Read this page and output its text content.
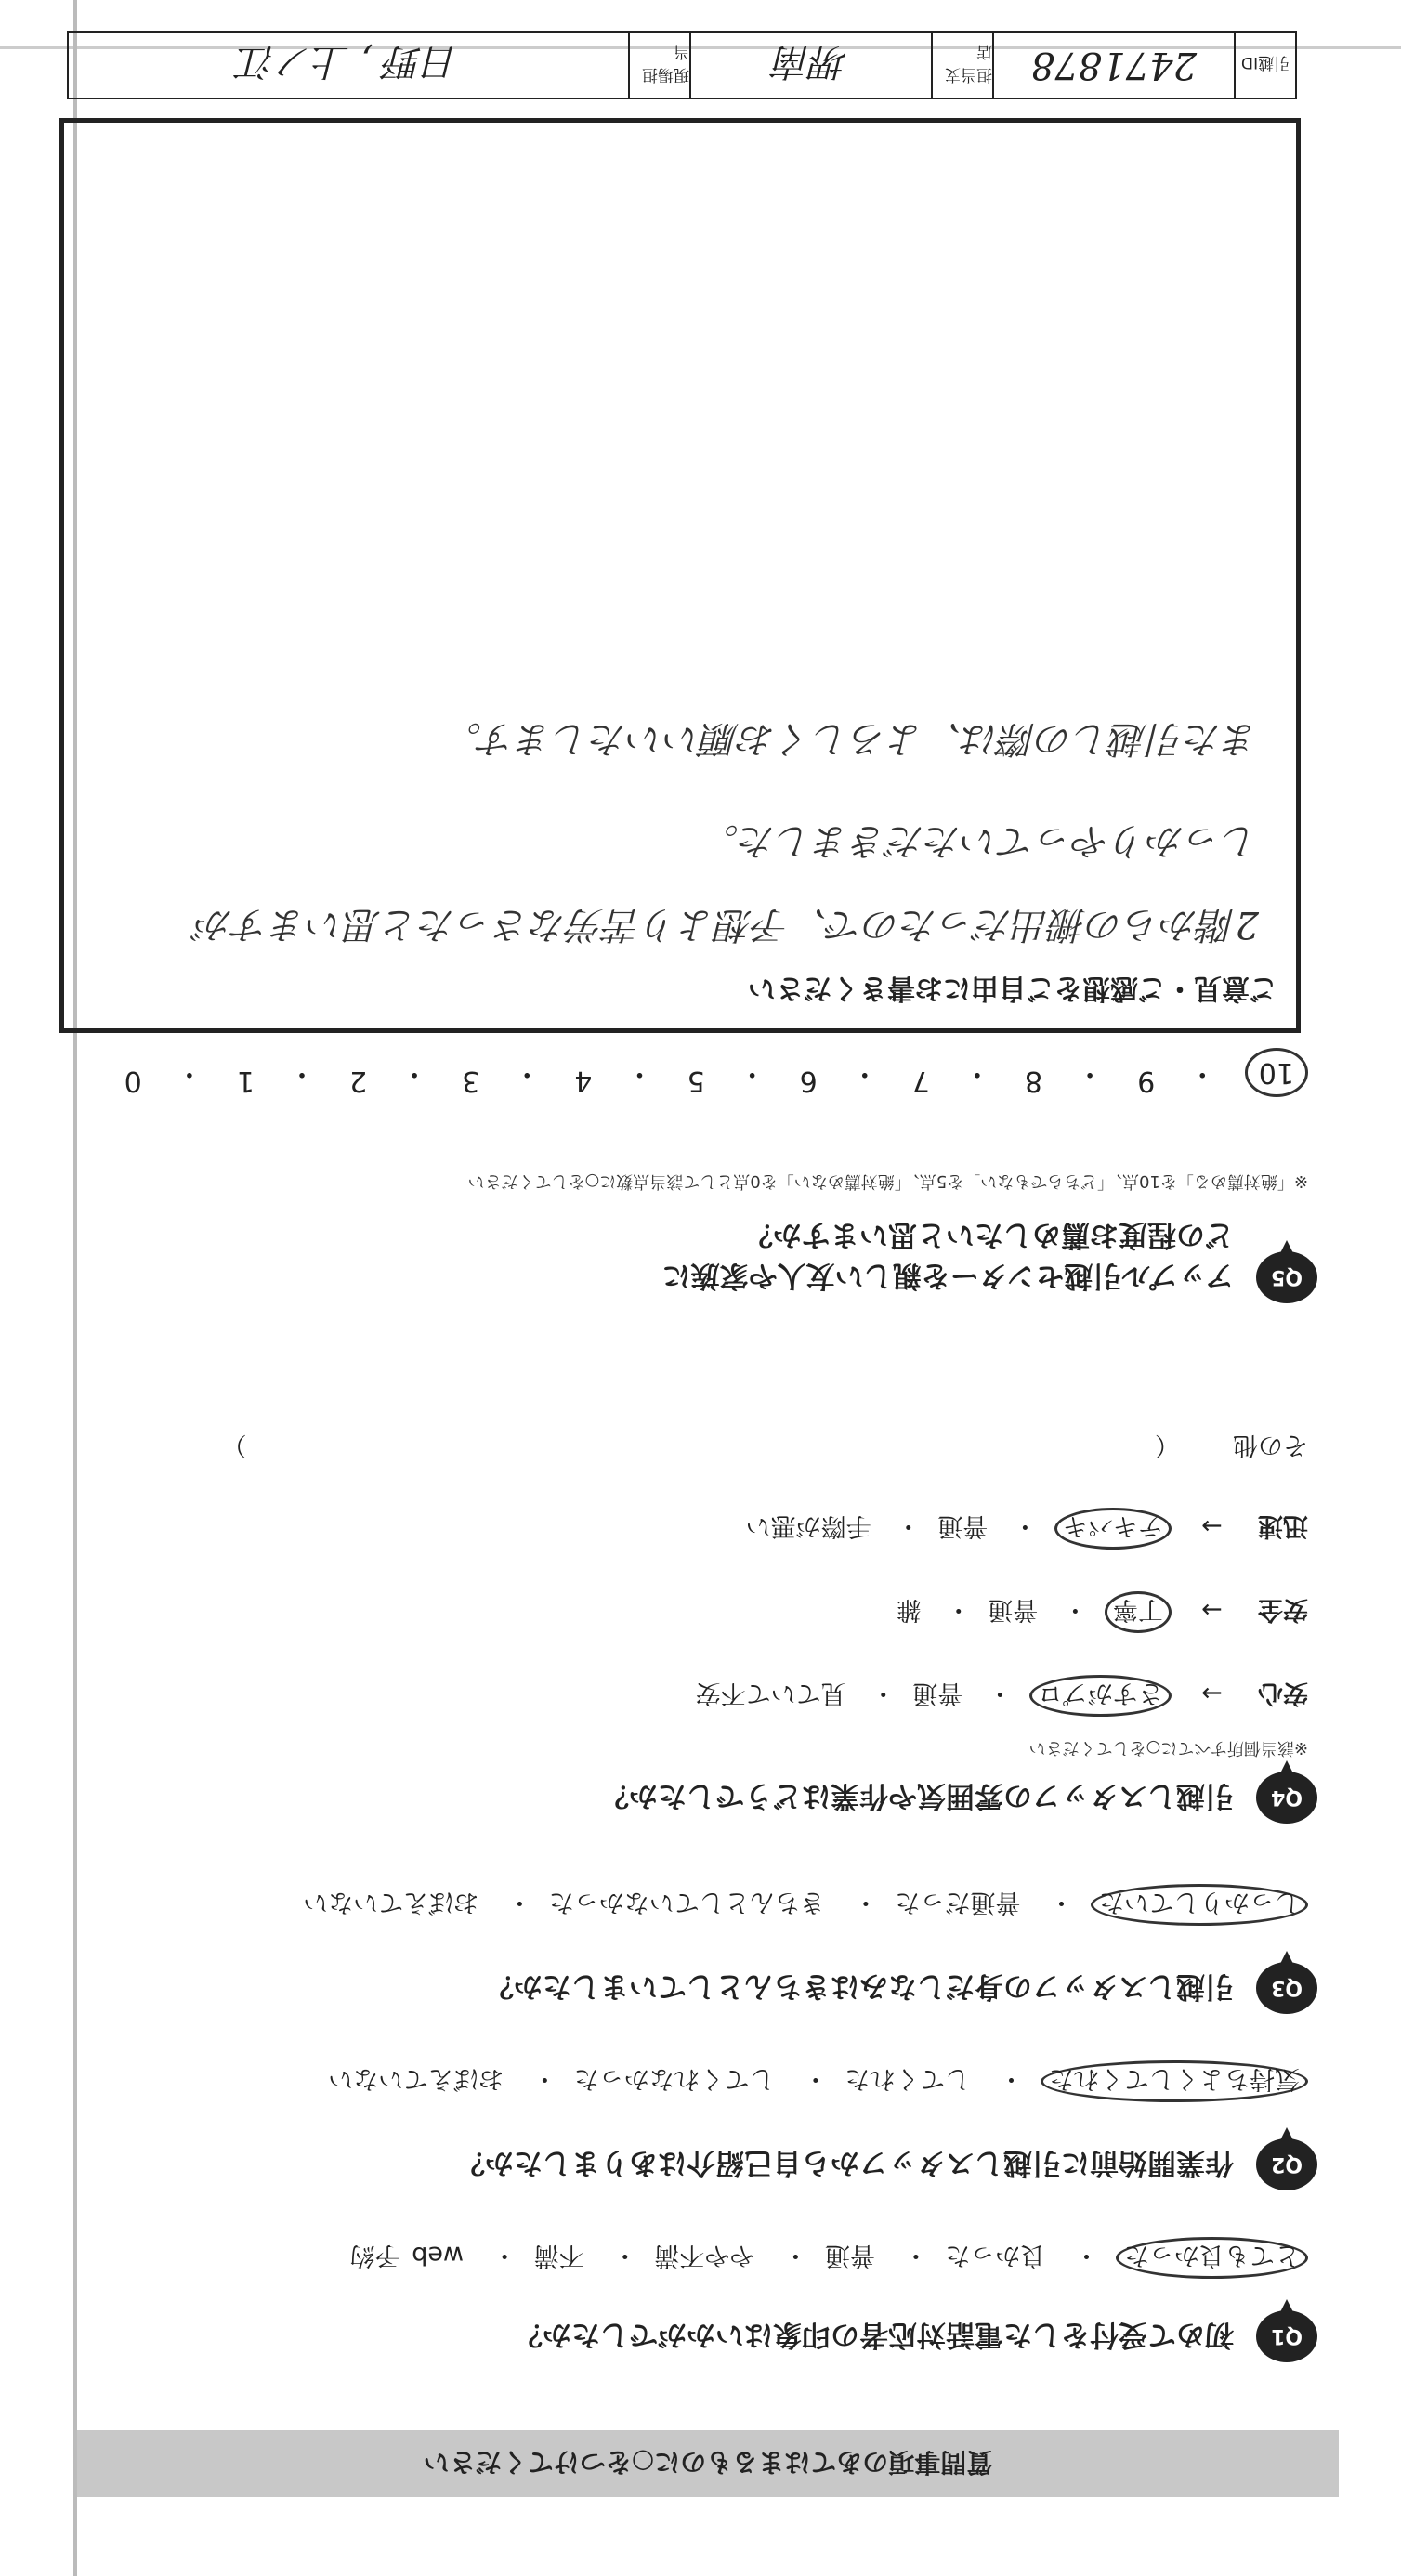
引越ID
2471878
担当支店
堺南
現場担当
日野 , 上ノ江
ご意見・ご感想をご自由にお書きください
2階からの搬出だったので、予想より苦労なさったと思いますが
しっかりやっていただきました。
また引越しの際は、よろしくお願いいたします。
質問事項のあてはまるものに○をつけてください
Q1
初めて受付をした電話対応者の印象はいかがでしたか？
とても良かった・ 良かった・ 普通・ やや不満・ 不満・ web 予約
Q2
作業開始前に引越しスタッフから自己紹介はありましたか？
気持ちよくしてくれた・ してくれた・ してくれなかった・ おぼえていない
Q3
引越しスタッフの身だしなみはきちんとしていましたか？
しっかりしていた・ 普通だった・ きちんとしていなかった・ おぼえていない
Q4
引越しスタッフの雰囲気や作業はどうでしたか？
※該当個所すべてに○をしてください
安心 → さすがプロ・ 普通・ 見ていて不安
安全 → 丁寧・ 普通・ 雑
迅速 → テキパキ・ 普通・ 手際が悪い
その他  （  ）
Q5
アップル引越センターを親しい友人や家族に
どの程度お薦めしたいと思いますか？
※「絶対薦める」を10点、「どちらでもない」を5点、「絶対薦めない」を0点として該当点数に○をしてください
10
・
9
・
8
・
7
・
6
・
5
・
4
・
3
・
2
・
1
・
0
